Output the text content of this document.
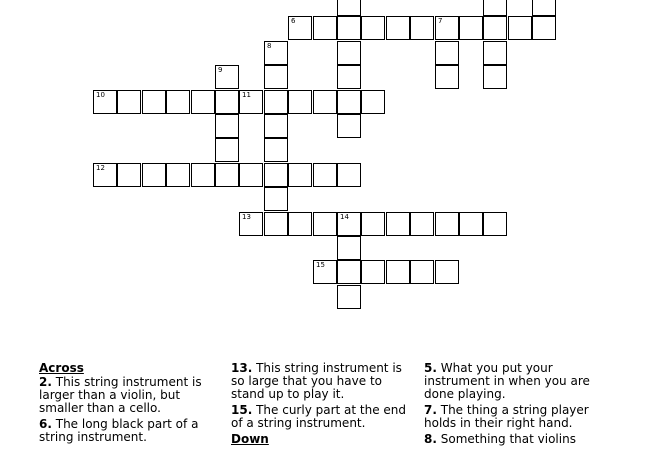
6	7
8
9
10	11
12
13	14
15
Across
2. This string instrument is larger than a violin, but smaller than a cello.
6. The long black part of a string instrument.
13. This string instrument is so large that you have to stand up to play it.
15. The curly part at the end of a string instrument.
Down
5. What you put your instrument in when you are done playing.
7. The thing a string player holds in their right hand.
8. Something that violins
